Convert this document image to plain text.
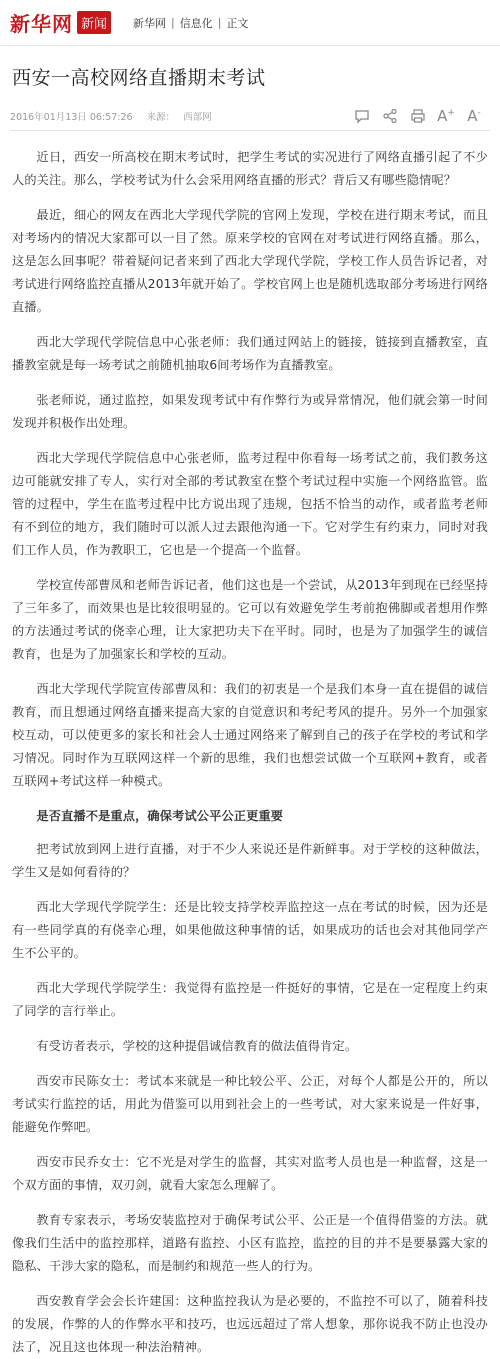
新华网 新闻	新华网 | 信息化 | 正文
西安一高校网络直播期末考试
2016年01月13日 06:57:26 来源： 西部网	A+ A-

近日，西安一所高校在期末考试时，把学生考试的实况进行了网络直播引起了不少人的关注。那么，学校考试为什么会采用网络直播的形式？背后又有哪些隐情呢？

最近，细心的网友在西北大学现代学院的官网上发现，学校在进行期末考试，而且对考场内的情况大家都可以一目了然。原来学校的官网在对考试进行网络直播。那么，这是怎么回事呢？带着疑问记者来到了西北大学现代学院，学校工作人员告诉记者，对考试进行网络监控直播从2013年就开始了。学校官网上也是随机选取部分考场进行网络直播。

西北大学现代学院信息中心张老师：我们通过网站上的链接，链接到直播教室，直播教室就是每一场考试之前随机抽取6间考场作为直播教室。

张老师说，通过监控，如果发现考试中有作弊行为或异常情况，他们就会第一时间发现并积极作出处理。

西北大学现代学院信息中心张老师，监考过程中你看每一场考试之前，我们教务这边可能就安排了专人，实行对全部的考试教室在整个考试过程中实施一个网络监管。监管的过程中，学生在监考过程中比方说出现了违规，包括不恰当的动作，或者监考老师有不到位的地方，我们随时可以派人过去跟他沟通一下。它对学生有约束力，同时对我们工作人员，作为教职工，它也是一个提高一个监督。

学校宣传部曹凤和老师告诉记者，他们这也是一个尝试，从2013年到现在已经坚持了三年多了，而效果也是比较很明显的。它可以有效避免学生考前抱佛脚或者想用作弊的方法通过考试的侥幸心理，让大家把功夫下在平时。同时，也是为了加强学生的诚信教育，也是为了加强家长和学校的互动。

西北大学现代学院宣传部曹凤和：我们的初衷是一个是我们本身一直在提倡的诚信教育，而且想通过网络直播来提高大家的自觉意识和考纪考风的提升。另外一个加强家校互动，可以使更多的家长和社会人士通过网络来了解到自己的孩子在学校的考试和学习情况。同时作为互联网这样一个新的思维，我们也想尝试做一个互联网+教育，或者互联网+考试这样一种模式。

是否直播不是重点，确保考试公平公正更重要

把考试放到网上进行直播，对于不少人来说还是件新鲜事。对于学校的这种做法，学生又是如何看待的？

西北大学现代学院学生：还是比较支持学校弄监控这一点在考试的时候，因为还是有一些同学真的有侥幸心理，如果他做这种事情的话，如果成功的话也会对其他同学产生不公平的。

西北大学现代学院学生：我觉得有监控是一件挺好的事情，它是在一定程度上约束了同学的言行举止。

有受访者表示，学校的这种提倡诚信教育的做法值得肯定。

西安市民陈女士：考试本来就是一种比较公平、公正，对每个人都是公开的，所以考试实行监控的话，用此为借鉴可以用到社会上的一些考试，对大家来说是一件好事，能避免作弊吧。

西安市民乔女士：它不光是对学生的监督，其实对监考人员也是一种监督，这是一个双方面的事情，双刃剑，就看大家怎么理解了。

教育专家表示，考场安装监控对于确保考试公平、公正是一个值得借鉴的方法。就像我们生活中的监控那样，道路有监控、小区有监控，监控的目的并不是要暴露大家的隐私、干涉大家的隐私，而是制约和规范一些人的行为。

西安教育学会会长许建国：这种监控我认为是必要的，不监控不可以了，随着科技的发展，作弊的人的作弊水平和技巧，也远远超过了常人想象，那你说我不防止也没办法了，况且这也体现一种法治精神。
